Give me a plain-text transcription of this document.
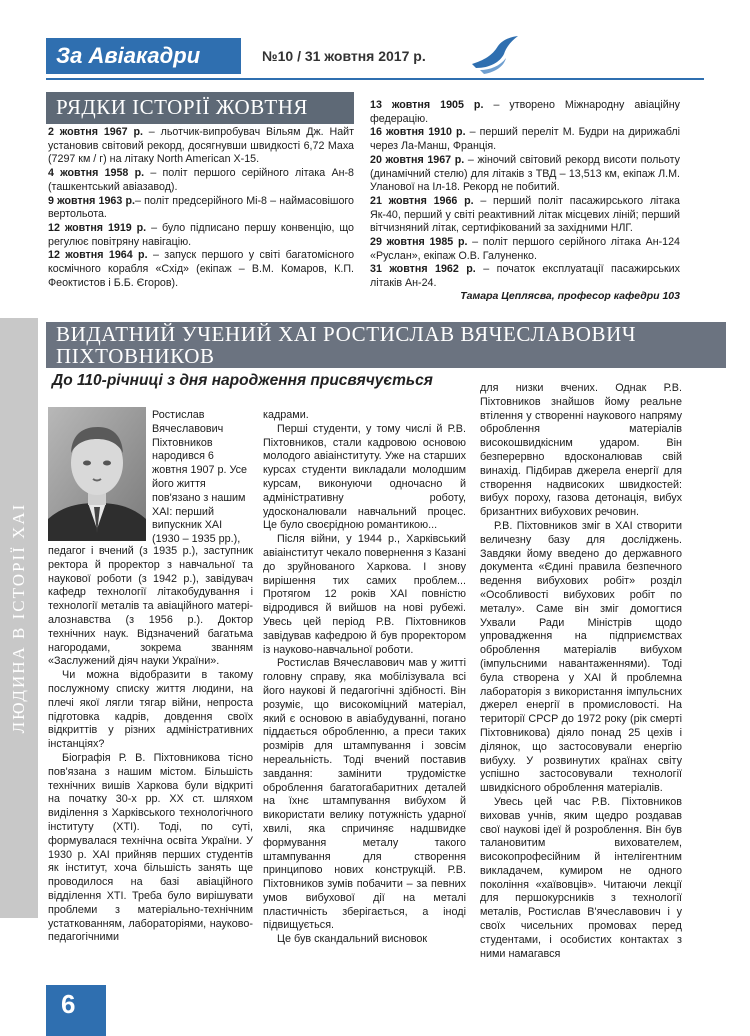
За Авіакадри	№10 / 31 жовтня 2017 р.
РЯДКИ ІСТОРІЇ ЖОВТНЯ

2 жовтня 1967 р. – льотчик-випробувач Вільям Дж. Найт установив світовий рекорд, досягнувши швидкості 6,72 Маха (7297 км / г) на літаку North American X-15.

4 жовтня 1958 р. – політ першого серійного літака Ан-8 (ташкентський авіазавод).

9 жовтня 1963 р.– політ предсерійного Мі-8 – наймасовішого вертольота.

12 жовтня 1919 р. – було підписано першу конвенцію, що регулює повітряну навігацію.

12 жовтня 1964 р. – запуск першого у світі багатомісного космічного корабля «Схід» (екіпаж – В.М. Комаров, К.П. Феоктистов і Б.Б. Єгоров).

13 жовтня 1905 р. – утворено Міжнародну авіаційну федерацію.

16 жовтня 1910 р. – перший переліт М. Будри на дирижаблі через Ла-Манш, Франція.

20 жовтня 1967 р. – жіночий світовий рекорд висоти польоту (динамічний стелю) для літаків з ТВД – 13,513 км, екіпаж Л.М. Уланової на Іл-18. Рекорд не побитий.

21 жовтня 1966 р. – перший політ пасажирського літака Як-40, перший у світі реактивний літак місцевих ліній; перший вітчизняний літак, сертифікований за західними НЛГ.

29 жовтня 1985 р. – політ першого серійного літака Ан-124 «Руслан», екіпаж О.В. Галуненко.

31 жовтня 1962 р. – початок експлуатації пасажирських літаків Ан-24.

Тамара Цеплясва, професор кафедри 103
ЛЮДИНА В ІСТОРІЇ ХАІ
ВИДАТНИЙ УЧЕНИЙ ХАІ РОСТИСЛАВ ВЯЧЕСЛАВОВИЧ
ПІХТОВНИКОВ
До 110-річниці з дня народження присвячується

Ростислав Вячеславович Піхтовников народився 6 жовтня 1907 р. Усе його життя пов'язано з нашим ХАІ: перший випускник ХАІ (1930 – 1935 рр.),

педагог і вчений (з 1935 р.), заступник ректора й проректор з навчальної та наукової роботи (з 1942 р.), завідувач кафедр технології літакобудування і технології металів та авіаційного матері-алознавства (з 1956 р.). Доктор технічних наук. Відзначений багатьма нагородами, зокрема званням «Заслужений діяч науки України».

Чи можна відобразити в такому послужному списку життя людини, на плечі якої лягли тягар війни, непроста підготовка кадрів, довдення своїх відкриттів у різних адміністративних інстанціях?

Біографія Р. В. Піхтовникова тісно пов'язана з нашим містом. Більшість технічних вишів Харкова були відкриті на початку 30-х рр. XX ст. шляхом виділення з Харківського технологічного інституту (ХТІ). Тоді, по суті, формувалася технічна освіта України. У 1930 р. ХАІ прийняв перших студентів як інститут, хоча більшість занять ще проводилося на базі авіаційного відділення ХТІ. Треба було вирішувати проблеми з матеріально-технічним устаткованням, лабораторіями, науково-педагогічними

кадрами.

Перші студенти, у тому числі й Р.В. Піхтовников, стали кадровою основою молодого авіаінституту. Уже на старших курсах студенти викладали молодшим курсам, виконуючи одночасно й адміністративну роботу, удосконалювали навчальний процес. Це було своєрідною романтикою...

Після війни, у 1944 р., Харківський авіаінститут чекало повернення з Казані до зруйнованого Харкова. І знову вирішення тих самих проблем... Протягом 12 років ХАІ повністю відродився й вийшов на нові рубежі. Увесь цей період Р.В. Піхтовников завідував кафедрою й був проректором із науково-навчальної роботи.

Ростислав Вячеславович мав у житті головну справу, яка мобілізувала всі його наукові й педагогічні здібності. Він розуміє, що високоміцний матеріал, який є основою в авіабудуванні, погано піддається обробленню, а преси таких розмірів для штампування і зовсім нереальність. Тоді вчений поставив завдання: замінити трудомістке оброблення багатогабаритних деталей на їхнє штампування вибухом й використати велику потужність ударної хвилі, яка спричиняє надшвидке формування металу такого штампування для створення принципово нових конструкцій. Р.В. Піхтовников зумів побачити – за певних умов вибухової дії на металі пластичність зберігається, а іноді підвищується.

Це був скандальний висновок

для низки вчених. Однак Р.В. Піхтовников знайшов йому реальне втілення у створенні наукового напряму оброблення матеріалів високошвидкісним ударом. Він безперервно вдосконалював свій винахід. Підбирав джерела енергії для створення надвисоких швидкостей: вибух пороху, газова детонація, вибух бризантних вибухових речовин.

Р.В. Піхтовников зміг в ХАІ створити величезну базу для досліджень. Завдяки йому введено до державного документа «Єдині правила безпечного ведення вибухових робіт» розділ «Особливості вибухових робіт по металу». Саме він зміг домогтися Ухвали Ради Міністрів щодо упровадження на підприємствах оброблення матеріалів вибухом (імпульсними навантаженнями). Тоді була створена у ХАІ й проблемна лабораторія з використання імпульсних джерел енергії в промисловості. На території СРСР до 1972 року (рік смерті Піхтовникова) діяло понад 25 цехів і ділянок, що застосовували енергію вибуху. У розвинутих країнах світу успішно застосовували технології швидкісного оброблення матеріалів.

Увесь цей час Р.В. Піхтовников виховав учнів, яким щедро роздавав свої наукові ідеї й розроблення. Він був талановитим вихователем, високопрофесійним й інтелігентним викладачем, кумиром не одного покоління «хаївовців». Читаючи лекції для першокурсників з технології металів, Ростислав В'ячеславович і у своїх чисельних промовах перед студентами, і особистих контактах з ними намагався

6
